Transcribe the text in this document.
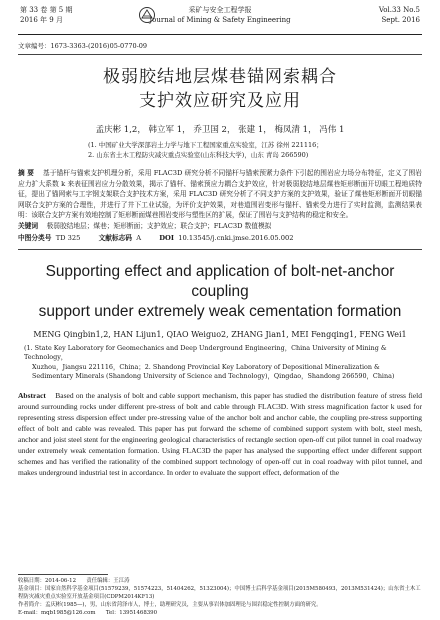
第 33 卷 第 5 期
2016 年 9 月
采矿与安全工程学报
Journal of Mining & Safety Engineering
Vol.33 No.5
Sept. 2016
文章编号：1673-3363-(2016)05-0770-09
极弱胶结地层煤巷锚网索耦合
支护效应研究及应用
孟庆彬 1,2， 韩立军 1， 乔卫国 2， 张建 1， 梅凤清 1， 冯伟 1
(1. 中国矿业大学深部岩土力学与地下工程国家重点实验室，江苏 徐州 221116；
2. 山东省土木工程防灾减灾重点实验室(山东科技大学)，山东 青岛 266590)
摘 要 基于锚杆与锚索支护机理分析，采用 FLAC3D 研究分析不同锚杆与锚索预紧力条件下引起的围岩应力场分布特征，定义了围岩应力扩大系数 k 来表征围岩应力分散效果，揭示了锚杆、锚索预应力耦合支护效应，针对极弱胶结地层煤巷矩形断面开切眼工程地质特征，提出了锚网索与工字钢支架联合支护技术方案，采用 FLAC3D 研究分析了不同支护方案的支护效果，验证了煤巷矩形断面开切眼锚网联合支护方案的合理性，并进行了井下工业试验，为评价支护效果，对巷道围岩变形与锚杆、锚索受力进行了实时监测，监测结果表明：该联合支护方案有效地控制了矩形断面煤巷围岩变形与塑性区的扩展，保证了围岩与支护结构的稳定和安全。
关键词 极弱胶结地层；煤巷；矩形断面；支护效应；联合支护；FLAC3D 数值模拟
中图分类号 TD 325	文献标志码 A	DOI 10.13545/j.cnki.jmse.2016.05.002
Supporting effect and application of bolt-net-anchor coupling
support under extremely weak cementation formation
MENG Qingbin1,2, HAN Lijun1, QIAO Weiguo2, ZHANG Jian1, MEI Fengqing1, FENG Wei1
(1. State Key Laboratory for Geomechanics and Deep Underground Engineering，China University of Mining & Technology，
Xuzhou，Jiangsu 221116，China；2. Shandong Provincial Key Laboratory of Depositional Mineralization &
Sedimentary Minerals (Shandong University of Science and Technology)，Qingdao，Shandong 266590，China)
Abstract Based on the analysis of bolt and cable support mechanism, this paper has studied the distribution feature of stress field around surrounding rocks under different pre-stress of bolt and cable through FLAC3D. With stress magnification factor k used for representing stress dispersion effect under pre-stressing value of the anchor bolt and anchor cable, the coupling pre-stress supporting effect of bolt and cable was revealed. This paper has put forward the scheme of combined support system with bolt, steel mesh, anchor and joist steel stent for the engineering geological characteristics of rectangle section open-off cut pilot tunnel in coal roadway under extremely weak cementation formation. Using FLAC3D the paper has analysed the supporting effect under different support schemes and has verified the rationality of the combined support technology of open-off cut in coal roadway with pilot tunnel, and makes underground industrial test in accordance. In order to evaluate the support effect, deformation of the
收稿日期：2014-06-12 责任编辑：王江涛
基金项目：国家自然科学基金项目(51579239，51574223，51404262，51323004)；中国博士后科学基金项目(2015M580493，2013M531424)；山东省土木工程防灾减灾重点实验室开放基金项目(CDPM2014KF13)
作者简介：孟庆彬(1985—)，男，山东省菏泽市人，博士，助理研究员，主要从事岩体加固理论与围岩稳定性控制方面的研究。
E-mail：mqb1985@126.com Tel：13951468390
